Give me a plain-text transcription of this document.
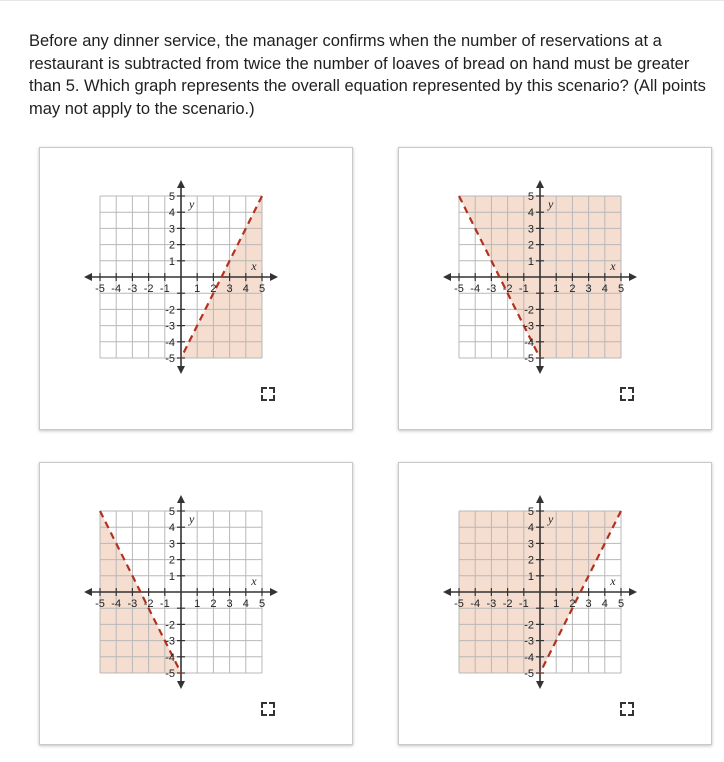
Before any dinner service, the manager confirms when the number of reservations at a restaurant is subtracted from twice the number of loaves of bread on hand must be greater than 5. Which graph represents the overall equation represented by this scenario? (All points may not apply to the scenario.)
-5 -4 -3 -2 -1 1 2 3 4 5
5
4
3
2
1
-2
-3
-4
-5
x
y
-5 -4 -3 -2 -1 1 2 3 4 5
5
4
3
2
1
-2
-3
-4
-5
x
y
-5 -4 -3 -2 -1 1 2 3 4 5
5
4
3
2
1
-2
-3
-4
-5
x
y
-5 -4 -3 -2 -1 1 2 3 4 5
5
4
3
2
1
-2
-3
-4
-5
x
y
